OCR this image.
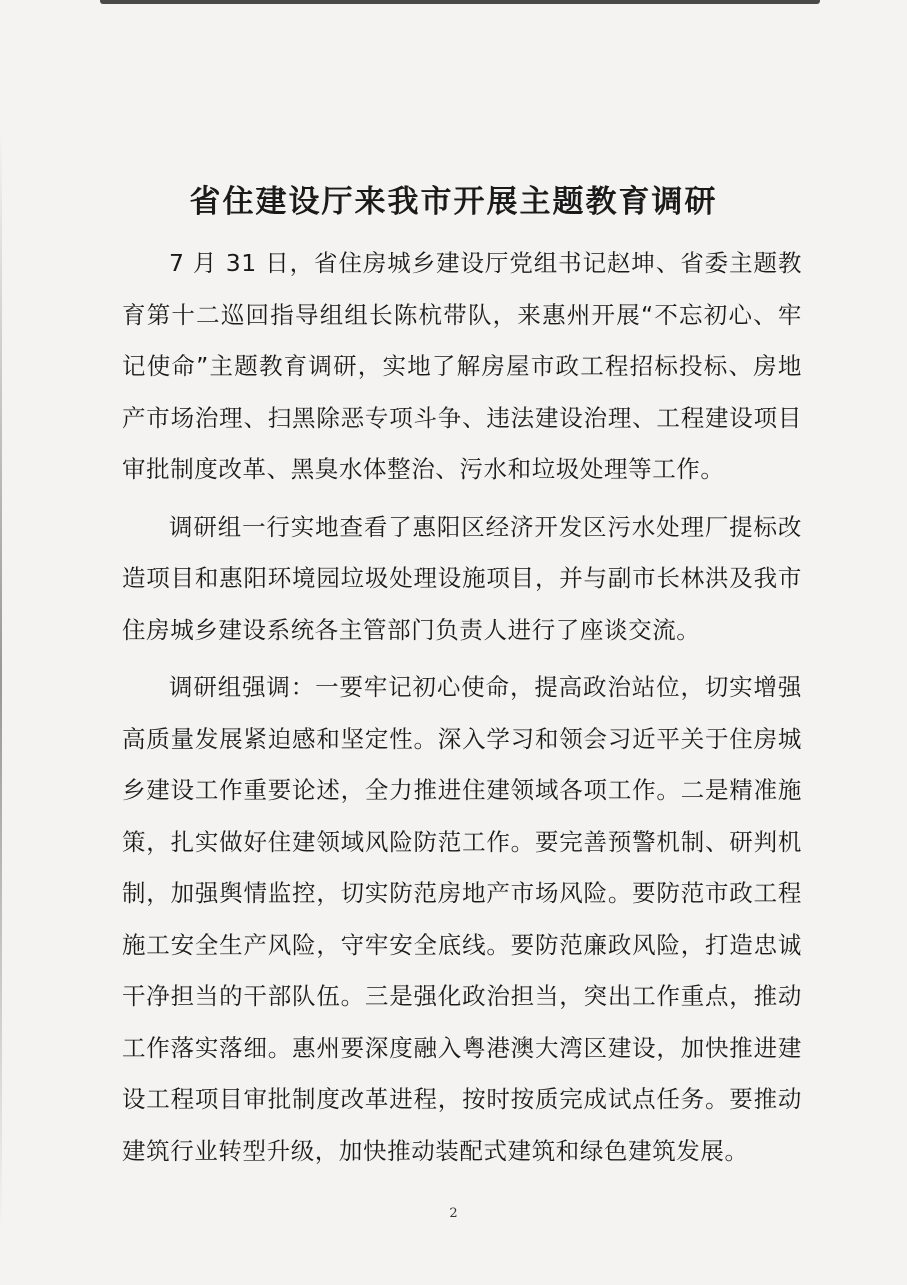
省住建设厅来我市开展主题教育调研

7 月 31 日，省住房城乡建设厅党组书记赵坤、省委主题教育第十二巡回指导组组长陈杭带队，来惠州开展“不忘初心、牢记使命”主题教育调研，实地了解房屋市政工程招标投标、房地产市场治理、扫黑除恶专项斗争、违法建设治理、工程建设项目审批制度改革、黑臭水体整治、污水和垃圾处理等工作。

调研组一行实地查看了惠阳区经济开发区污水处理厂提标改造项目和惠阳环境园垃圾处理设施项目，并与副市长林洪及我市住房城乡建设系统各主管部门负责人进行了座谈交流。

调研组强调：一要牢记初心使命，提高政治站位，切实增强高质量发展紧迫感和坚定性。深入学习和领会习近平关于住房城乡建设工作重要论述，全力推进住建领域各项工作。二是精准施策，扎实做好住建领域风险防范工作。要完善预警机制、研判机制，加强舆情监控，切实防范房地产市场风险。要防范市政工程施工安全生产风险，守牢安全底线。要防范廉政风险，打造忠诚干净担当的干部队伍。三是强化政治担当，突出工作重点，推动工作落实落细。惠州要深度融入粤港澳大湾区建设，加快推进建设工程项目审批制度改革进程，按时按质完成试点任务。要推动建筑行业转型升级，加快推动装配式建筑和绿色建筑发展。

2
